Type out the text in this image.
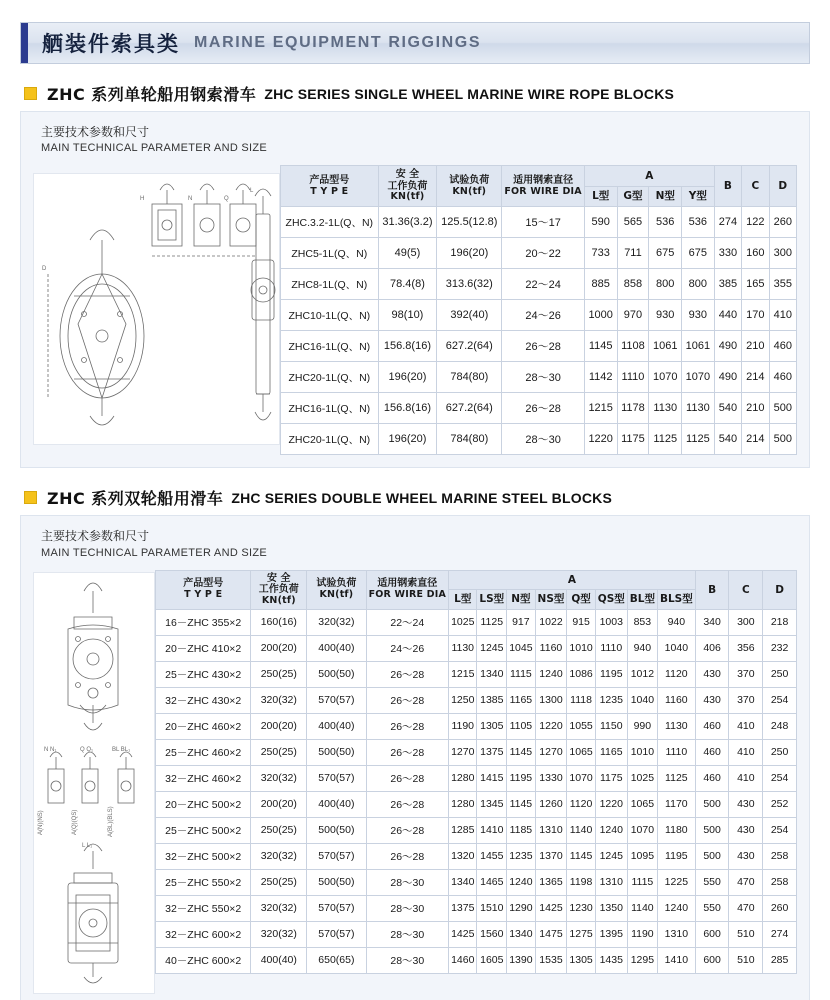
舾装件索具类 MARINE EQUIPMENT RIGGINGS
ZHC 系列单轮船用钢索滑车 ZHC SERIES SINGLE WHEEL MARINE WIRE ROPE BLOCKS
主要技术参数和尺寸
MAIN TECHNICAL PARAMETER AND SIZE
H	N	Q
L
D
产品型号
T Y P E	安 全
工作负荷
KN(tf)	试验负荷
KN(tf)	适用钢索直径
FOR WIRE DIA	A				B	C	D
				L型	G型	N型	Y型			
ZHC.3.2-1L(Q、N)	31.36(3.2)	125.5(12.8)	15～17	590	565	536	536	274	122	260
ZHC5-1L(Q、N)	49(5)	196(20)	20～22	733	711	675	675	330	160	300
ZHC8-1L(Q、N)	78.4(8)	313.6(32)	22～24	885	858	800	800	385	165	355
ZHC10-1L(Q、N)	98(10)	392(40)	24～26	1000	970	930	930	440	170	410
ZHC16-1L(Q、N)	156.8(16)	627.2(64)	26～28	1145	1108	1061	1061	490	210	460
ZHC20-1L(Q、N)	196(20)	784(80)	28～30	1142	1110	1070	1070	490	214	460
ZHC16-1L(Q、N)	156.8(16)	627.2(64)	26～28	1215	1178	1130	1130	540	210	500
ZHC20-1L(Q、N)	196(20)	784(80)	28～30	1220	1175	1125	1125	540	214	500
ZHC 系列双轮船用滑车 ZHC SERIES DOUBLE WHEEL MARINE STEEL BLOCKS
主要技术参数和尺寸
MAIN TECHNICAL PARAMETER AND SIZE
N N₁	Q Q₁	BL BL₁
A(N)(NS)	A(Q)(QS)	A(BL)(BLS)
L L₁
产品型号
T Y P E	安 全
工作负荷
KN(tf)	试验负荷
KN(tf)	适用钢索直径
FOR WIRE DIA	A								B	C	D
				L型	LS型	N型	NS型	Q型	QS型	BL型	BLS型			
16－ZHC 355×2	160(16)	320(32)	22～24	1025	1125	917	1022	915	1003	853	940	340	300	218
20－ZHC 410×2	200(20)	400(40)	24～26	1130	1245	1045	1160	1010	1110	940	1040	406	356	232
25－ZHC 430×2	250(25)	500(50)	26～28	1215	1340	1115	1240	1086	1195	1012	1120	430	370	250
32－ZHC 430×2	320(32)	570(57)	26～28	1250	1385	1165	1300	1118	1235	1040	1160	430	370	254
20－ZHC 460×2	200(20)	400(40)	26～28	1190	1305	1105	1220	1055	1150	990	1130	460	410	248
25－ZHC 460×2	250(25)	500(50)	26～28	1270	1375	1145	1270	1065	1165	1010	1110	460	410	250
32－ZHC 460×2	320(32)	570(57)	26～28	1280	1415	1195	1330	1070	1175	1025	1125	460	410	254
20－ZHC 500×2	200(20)	400(40)	26～28	1280	1345	1145	1260	1120	1220	1065	1170	500	430	252
25－ZHC 500×2	250(25)	500(50)	26～28	1285	1410	1185	1310	1140	1240	1070	1180	500	430	254
32－ZHC 500×2	320(32)	570(57)	26～28	1320	1455	1235	1370	1145	1245	1095	1195	500	430	258
25－ZHC 550×2	250(25)	500(50)	28～30	1340	1465	1240	1365	1198	1310	1115	1225	550	470	258
32－ZHC 550×2	320(32)	570(57)	28～30	1375	1510	1290	1425	1230	1350	1140	1240	550	470	260
32－ZHC 600×2	320(32)	570(57)	28～30	1425	1560	1340	1475	1275	1395	1190	1310	600	510	274
40－ZHC 600×2	400(40)	650(65)	28～30	1460	1605	1390	1535	1305	1435	1295	1410	600	510	285
